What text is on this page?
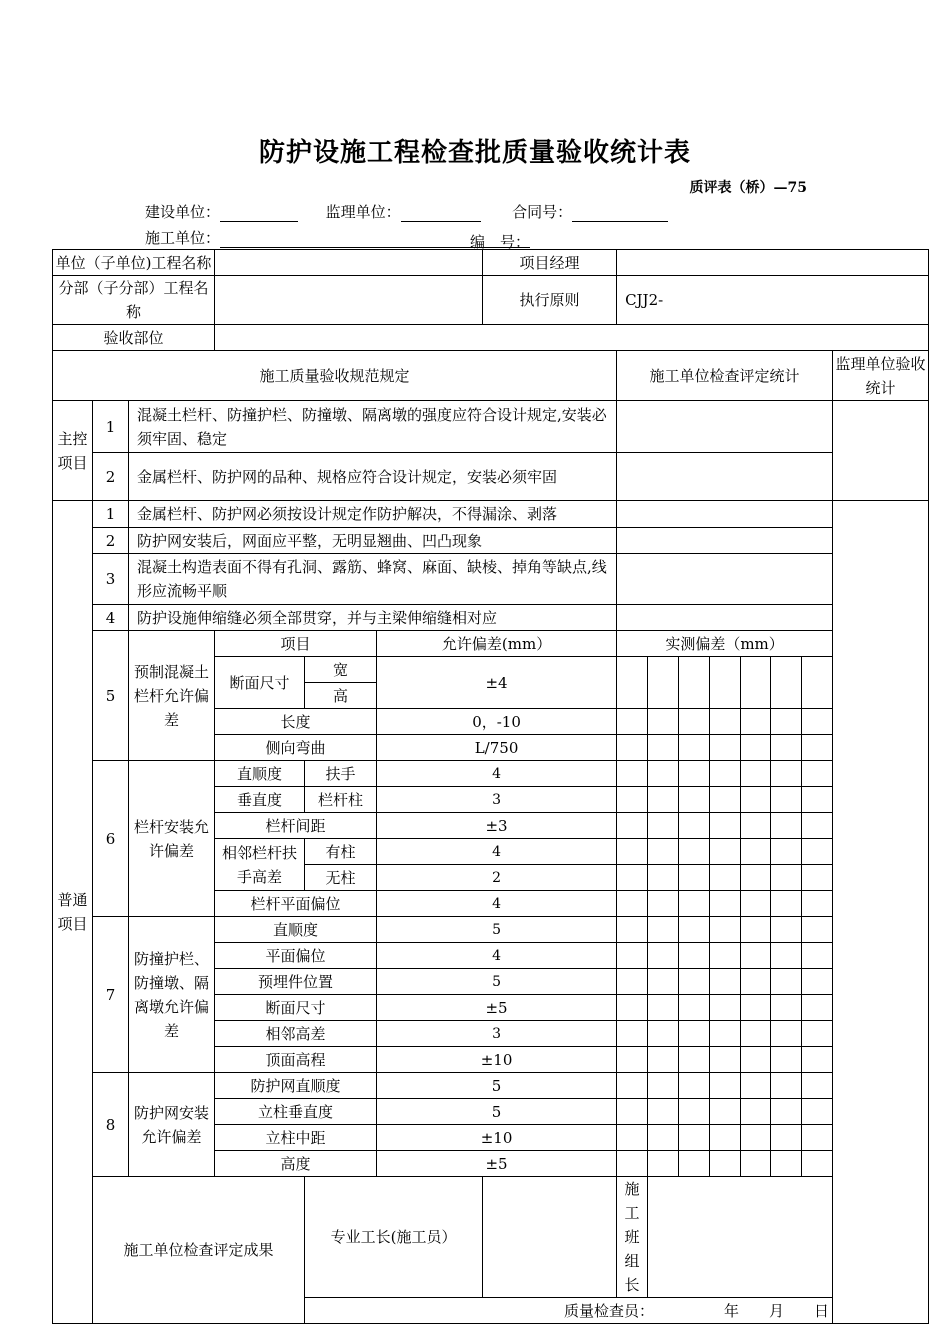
防护设施工程检查批质量验收统计表
质评表（桥）—75
建设单位：	监理单位：	合同号：
施工单位：	编　号：
单位（子单位)工程名称						项目经理								
分部（子分部）工程名称						执行原则	CJJ2-							
验收部位														
施工质量验收规范规定							施工单位检查评定统计							监理单位验收统计
主控项目	1	混凝土栏杆、防撞护栏、防撞墩、隔离墩的强度应符合设计规定,安装必须牢固、稳定												
	2	金属栏杆、防护网的品种、规格应符合设计规定，安装必须牢固												
普通项目	1	金属栏杆、防护网必须按设计规定作防护解决，不得漏涂、剥落												
	2	防护网安装后，网面应平整，无明显翘曲、凹凸现象												
	3	混凝土构造表面不得有孔洞、露筋、蜂窝、麻面、缺棱、掉角等缺点,线形应流畅平顺												
	4	防护设施伸缩缝必须全部贯穿，并与主梁伸缩缝相对应												
	5	预制混凝土栏杆允许偏差	项目		允许偏差(mm）		实测偏差（mm）							
			断面尺寸	宽	±4									
				高										
			长度		0，-10									
			侧向弯曲		L/750									
	6	栏杆安装允许偏差	直顺度	扶手	4									
			垂直度	栏杆柱	3									
			栏杆间距		±3									
			相邻栏杆扶手高差	有柱	4									
				无柱	2									
			栏杆平面偏位		4									
	7	防撞护栏、防撞墩、隔离墩允许偏差	直顺度		5									
			平面偏位		4									
			预埋件位置		5									
			断面尺寸		±5									
			相邻高差		3									
			顶面高程		±10									
	8	防护网安装允许偏差	防护网直顺度		5									
			立柱垂直度		5									
			立柱中距		±10									
			高度		±5									
	施工单位检查评定成果			专业工长(施工员）			施工班组长							
				质量检查员： 年　　月　　日										
